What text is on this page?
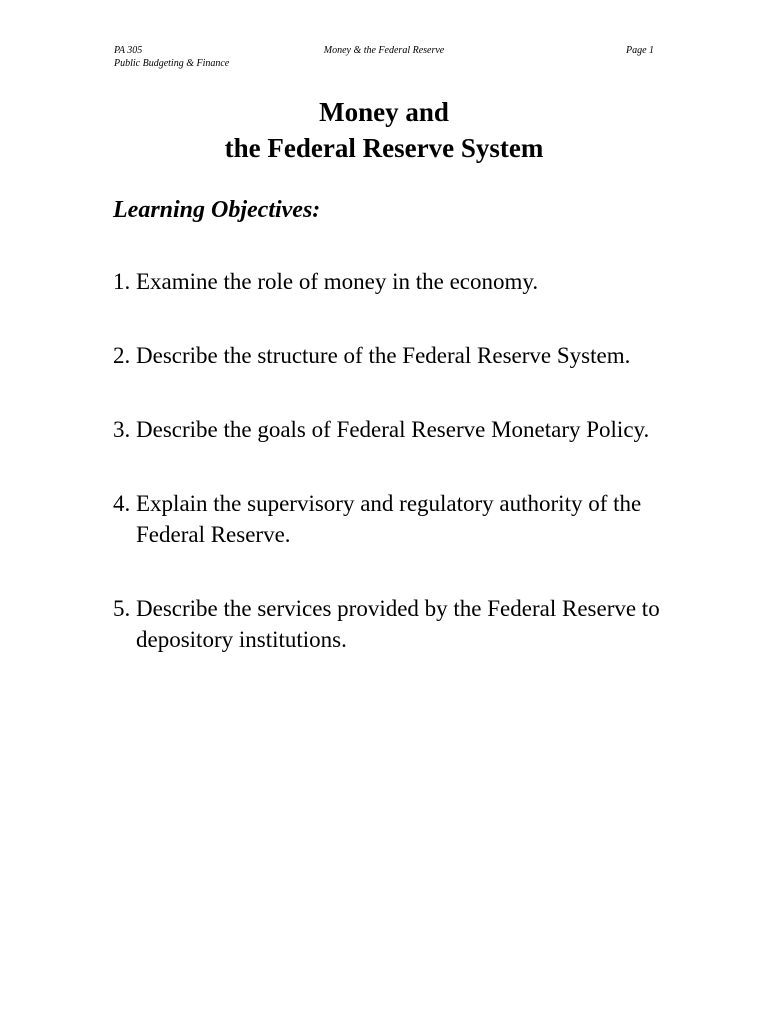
PA 305
Public Budgeting & Finance
Money & the Federal Reserve	Page 1
Money and
the Federal Reserve System
Learning Objectives:
1. Examine the role of money in the economy.
2. Describe the structure of the Federal Reserve System.
3. Describe the goals of Federal Reserve Monetary Policy.
4. Explain the supervisory and regulatory authority of the Federal Reserve.
5. Describe the services provided by the Federal Reserve to depository institutions.
